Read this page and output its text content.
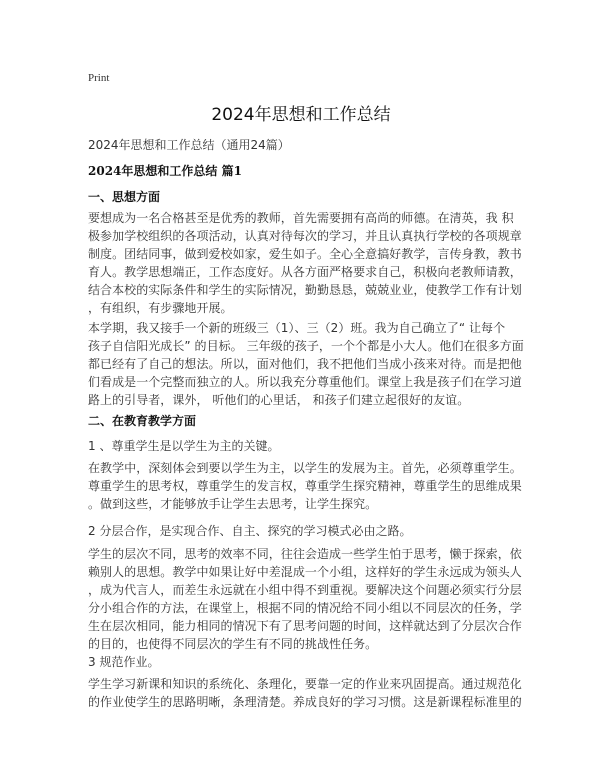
Print
2024年思想和工作总结
2024年思想和工作总结（通用24篇）
2024年思想和工作总结 篇1
一、思想方面
要想成为一名合格甚至是优秀的教师，首先需要拥有高尚的师德。在清英，我 积
极参加学校组织的各项活动，认真对待每次的学习，并且认真执行学校的各项规章
制度。团结同事，做到爱校如家，爱生如子。全心全意搞好教学，言传身教，教书
育人。教学思想端正，工作态度好。从各方面严格要求自己，积极向老教师请教，
结合本校的实际条件和学生的实际情况，勤勤恳恳，兢兢业业，使教学工作有计划
，有组织，有步骤地开展。
本学期，我又接手一个新的班级三（1）、三（2）班。我为自己确立了“ 让每个
孩子自信阳光成长” 的目标。 三年级的孩子，一个个都是小大人。他们在很多方面
都已经有了自己的想法。所以，面对他们，我不把他们当成小孩来对待。而是把他
们看成是一个完整而独立的人。所以我充分尊重他们。课堂上我是孩子们在学习道
路上的引导者，课外， 听他们的心里话， 和孩子们建立起很好的友谊。
二、在教育教学方面
1 、尊重学生是以学生为主的关键。
在教学中，深刻体会到要以学生为主，以学生的发展为主。首先，必须尊重学生。
尊重学生的思考权，尊重学生的发言权，尊重学生探究精神，尊重学生的思维成果
。做到这些，才能够放手让学生去思考，让学生探究。
2 分层合作，是实现合作、自主、探究的学习模式必由之路。
学生的层次不同，思考的效率不同，往往会造成一些学生怕于思考，懒于探索，依
赖别人的思想。教学中如果让好中差混成一个小组，这样好的学生永远成为领头人
，成为代言人，而差生永远就在小组中得不到重视。要解决这个问题必须实行分层
分小组合作的方法，在课堂上，根据不同的情况给不同小组以不同层次的任务，学
生在层次相同，能力相同的情况下有了思考问题的时间，这样就达到了分层次合作
的目的，也使得不同层次的学生有不同的挑战性任务。
3 规范作业。
学生学习新课和知识的系统化、条理化，要靠一定的作业来巩固提高。通过规范化
的作业使学生的思路明晰，条理清楚。养成良好的学习习惯。这是新课程标准里的
